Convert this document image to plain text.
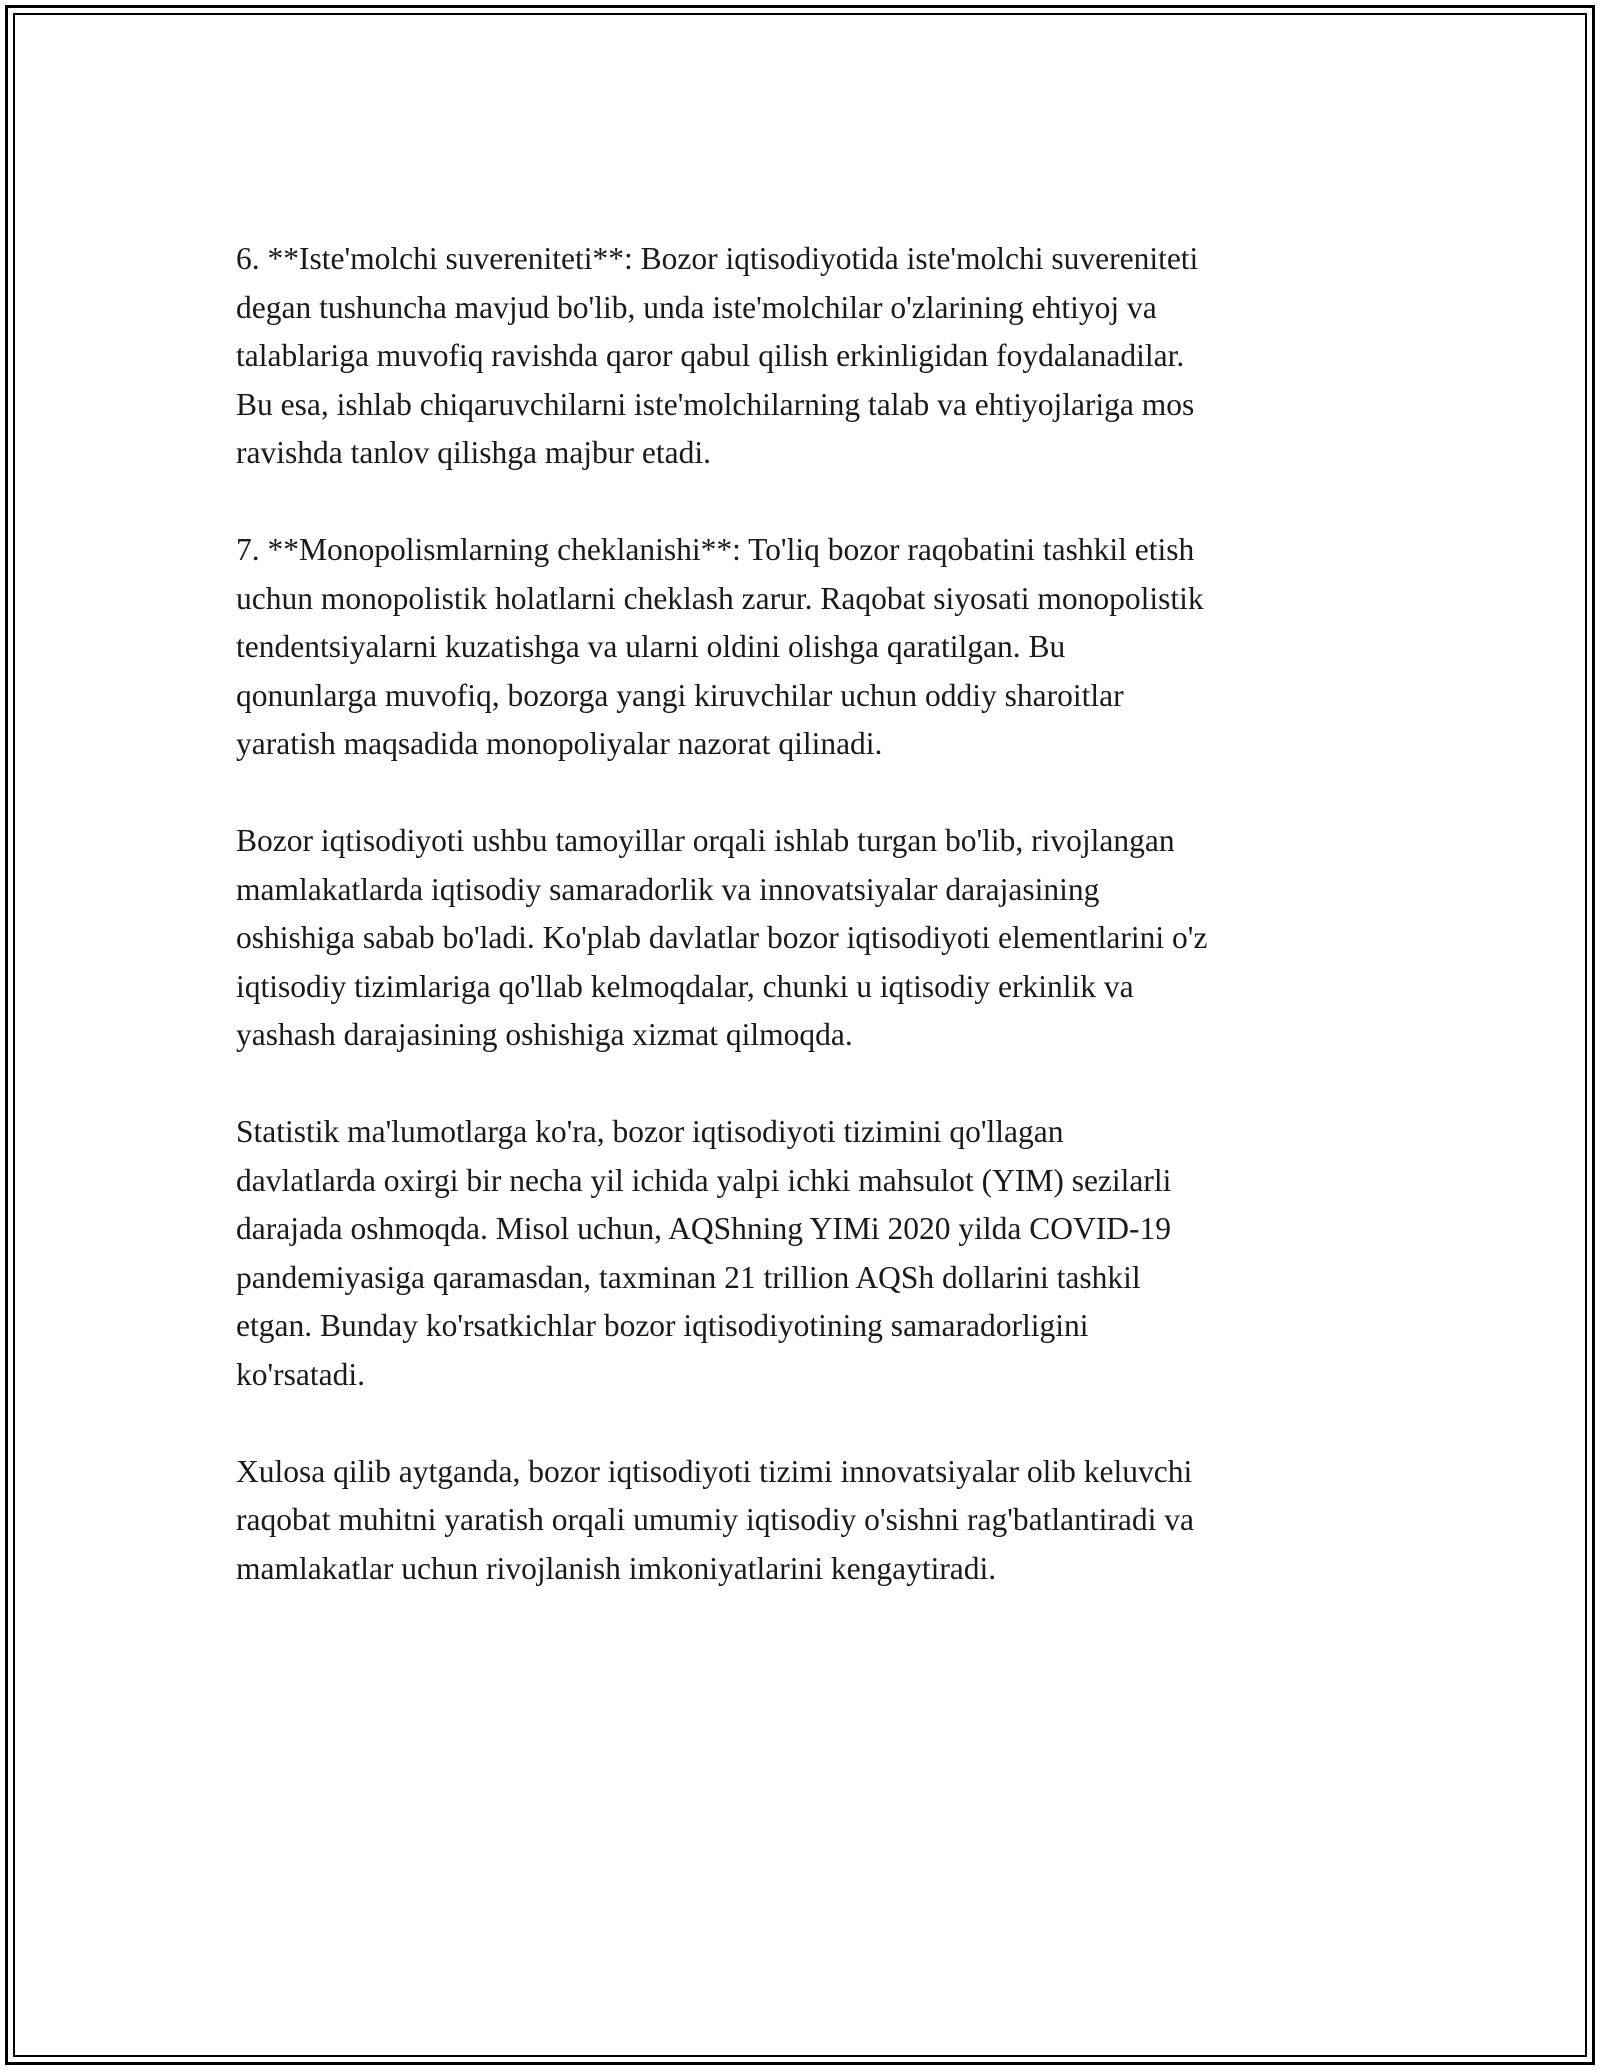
6. **Iste'molchi suvereniteti**: Bozor iqtisodiyotida iste'molchi suvereniteti
degan tushuncha mavjud bo'lib, unda iste'molchilar o'zlarining ehtiyoj va
talablariga muvofiq ravishda qaror qabul qilish erkinligidan foydalanadilar.
Bu esa, ishlab chiqaruvchilarni iste'molchilarning talab va ehtiyojlariga mos
ravishda tanlov qilishga majbur etadi.

7. **Monopolismlarning cheklanishi**: To'liq bozor raqobatini tashkil etish
uchun monopolistik holatlarni cheklash zarur. Raqobat siyosati monopolistik
tendentsiyalarni kuzatishga va ularni oldini olishga qaratilgan. Bu
qonunlarga muvofiq, bozorga yangi kiruvchilar uchun oddiy sharoitlar
yaratish maqsadida monopoliyalar nazorat qilinadi.

Bozor iqtisodiyoti ushbu tamoyillar orqali ishlab turgan bo'lib, rivojlangan
mamlakatlarda iqtisodiy samaradorlik va innovatsiyalar darajasining
oshishiga sabab bo'ladi. Ko'plab davlatlar bozor iqtisodiyoti elementlarini o'z
iqtisodiy tizimlariga qo'llab kelmoqdalar, chunki u iqtisodiy erkinlik va
yashash darajasining oshishiga xizmat qilmoqda.

Statistik ma'lumotlarga ko'ra, bozor iqtisodiyoti tizimini qo'llagan
davlatlarda oxirgi bir necha yil ichida yalpi ichki mahsulot (YIM) sezilarli
darajada oshmoqda. Misol uchun, AQShning YIMi 2020 yilda COVID-19
pandemiyasiga qaramasdan, taxminan 21 trillion AQSh dollarini tashkil
etgan. Bunday ko'rsatkichlar bozor iqtisodiyotining samaradorligini
ko'rsatadi.

Xulosa qilib aytganda, bozor iqtisodiyoti tizimi innovatsiyalar olib keluvchi
raqobat muhitni yaratish orqali umumiy iqtisodiy o'sishni rag'batlantiradi va
mamlakatlar uchun rivojlanish imkoniyatlarini kengaytiradi.
